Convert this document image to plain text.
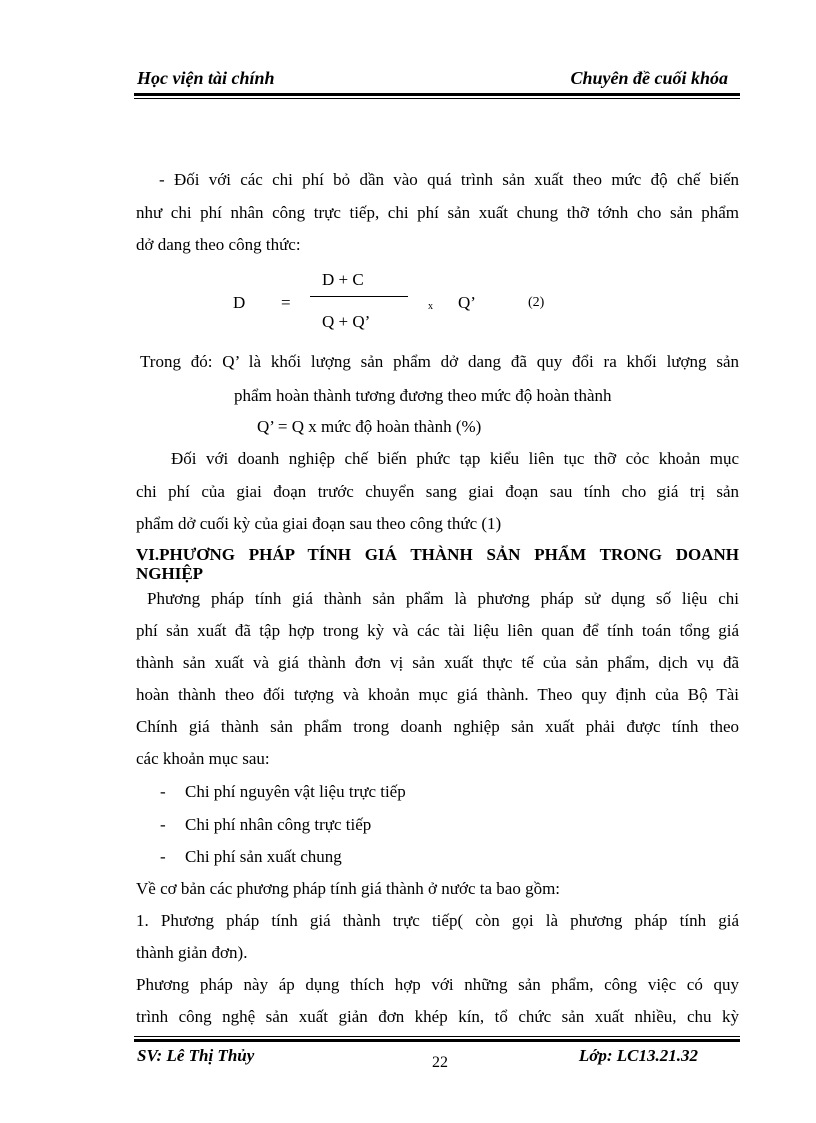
Học viện tài chính	Chuyên đề cuối khóa
- Đối với các chi phí bỏ dần vào quá trình sản xuất theo mức độ chế biến
như chi phí nhân công trực tiếp, chi phí sản xuất chung thỡ tớnh cho sản phẩm
dở dang theo công thức:
D =
D + C
Q + Q’
x Q’	(2)
Trong đó: Q’ là khối lượng sản phẩm dở dang đã quy đổi ra khối lượng sản
phẩm hoàn thành tương đương theo mức độ hoàn thành
Q’ = Q x mức độ hoàn thành (%)
Đối với doanh nghiệp chế biến phức tạp kiểu liên tục thỡ cỏc khoản mục
chi phí của giai đoạn trước chuyển sang giai đoạn sau tính cho giá trị sản
phẩm dở cuối kỳ của giai đoạn sau theo công thức (1)
VI.PHƯƠNG PHÁP TÍNH GIÁ THÀNH SẢN PHẨM TRONG DOANH
NGHIỆP
Phương pháp tính giá thành sản phẩm là phương pháp sử dụng số liệu chi
phí sản xuất đã tập hợp trong kỳ và các tài liệu liên quan để tính toán tổng giá
thành sản xuất và giá thành đơn vị sản xuất thực tế của sản phẩm, dịch vụ đã
hoàn thành theo đối tượng và khoản mục giá thành. Theo quy định của Bộ Tài
Chính giá thành sản phẩm trong doanh nghiệp sản xuất phải được tính theo
các khoản mục sau:
- Chi phí nguyên vật liệu trực tiếp
- Chi phí nhân công trực tiếp
- Chi phí sản xuất chung
Về cơ bản các phương pháp tính giá thành ở nước ta bao gồm:
1. Phương pháp tính giá thành trực tiếp( còn gọi là phương pháp tính giá
thành giản đơn).
Phương pháp này áp dụng thích hợp với những sản phẩm, công việc có quy
trình công nghệ sản xuất giản đơn khép kín, tổ chức sản xuất nhiều, chu kỳ
SV: Lê Thị Thủy	22	Lớp: LC13.21.32
